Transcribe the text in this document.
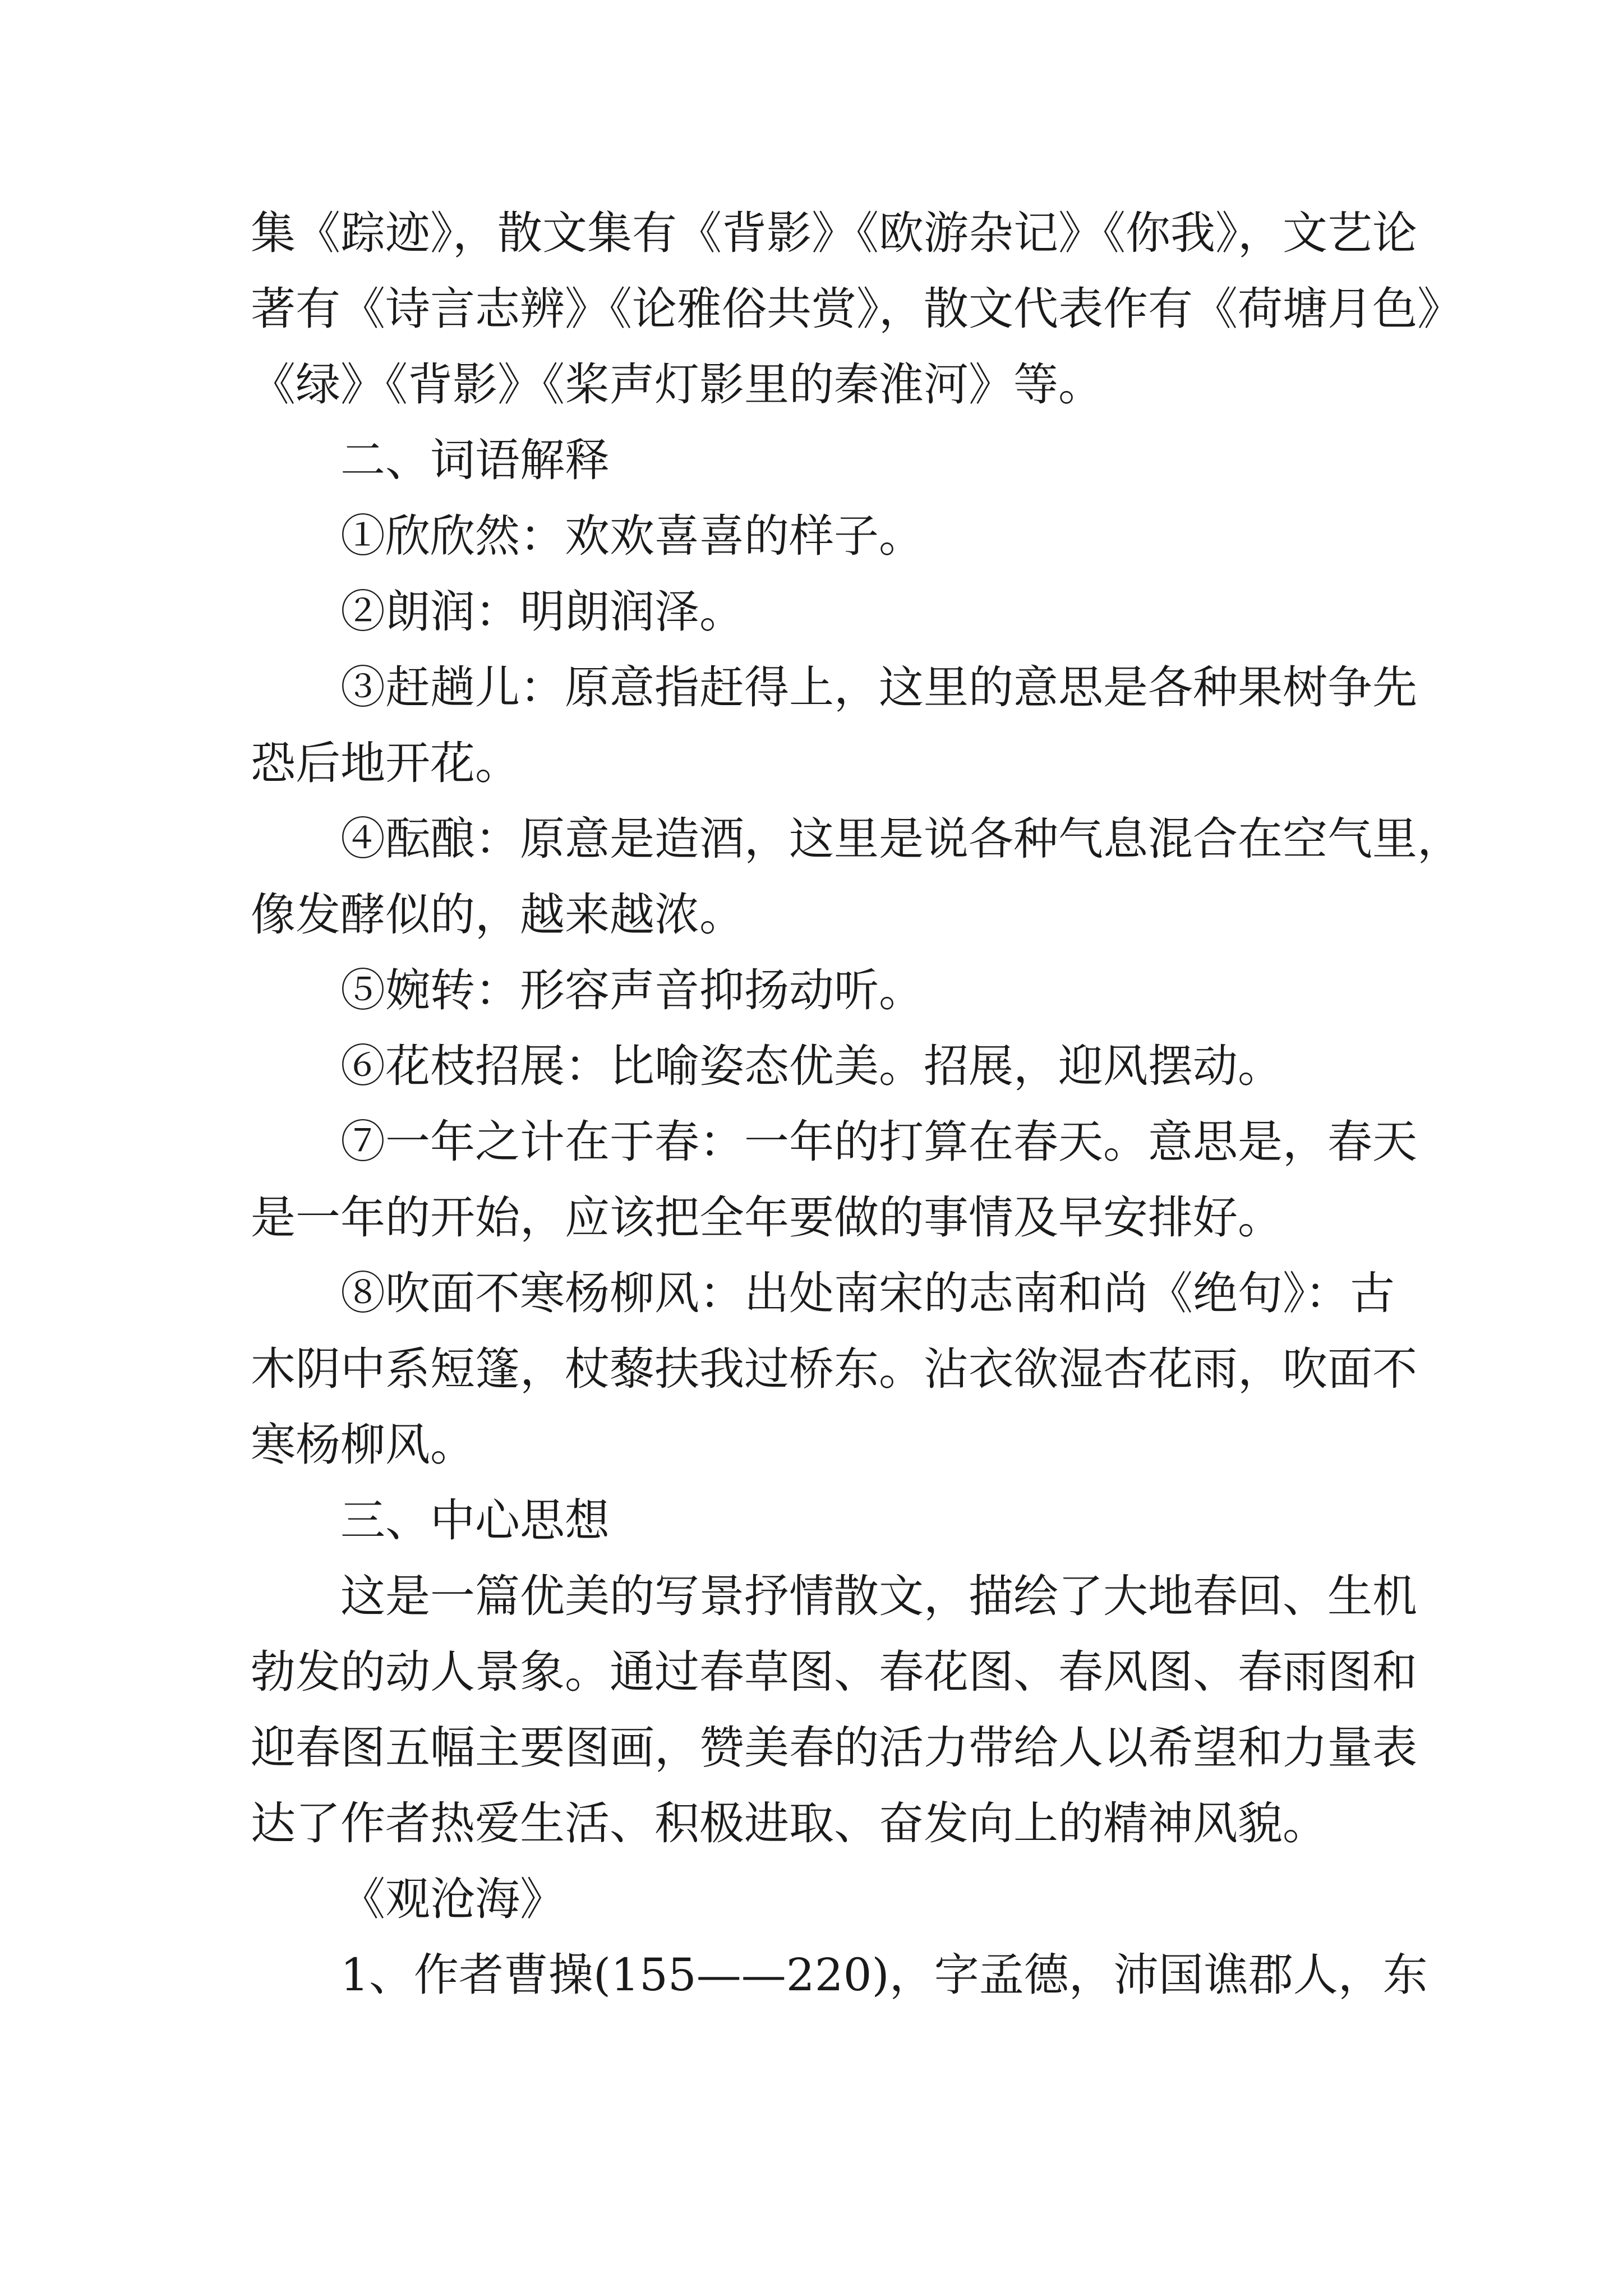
集《踪迹》，散文集有《背影》《欧游杂记》《你我》，文艺论
著有《诗言志辨》《论雅俗共赏》，散文代表作有《荷塘月色》
《绿》《背影》《桨声灯影里的秦淮河》等。
二、词语解释
①欣欣然：欢欢喜喜的样子。
②朗润：明朗润泽。
③赶趟儿：原意指赶得上，这里的意思是各种果树争先
恐后地开花。
④酝酿：原意是造酒，这里是说各种气息混合在空气里，
像发酵似的，越来越浓。
⑤婉转：形容声音抑扬动听。
⑥花枝招展：比喻姿态优美。招展，迎风摆动。
⑦一年之计在于春：一年的打算在春天。意思是，春天
是一年的开始，应该把全年要做的事情及早安排好。
⑧吹面不寒杨柳风：出处南宋的志南和尚《绝句》：古
木阴中系短篷，杖藜扶我过桥东。沾衣欲湿杏花雨，吹面不
寒杨柳风。
三、中心思想
这是一篇优美的写景抒情散文，描绘了大地春回、生机
勃发的动人景象。通过春草图、春花图、春风图、春雨图和
迎春图五幅主要图画，赞美春的活力带给人以希望和力量表
达了作者热爱生活、积极进取、奋发向上的精神风貌。
《观沧海》
1、作者曹操(155——220)，字孟德，沛国谯郡人，东
